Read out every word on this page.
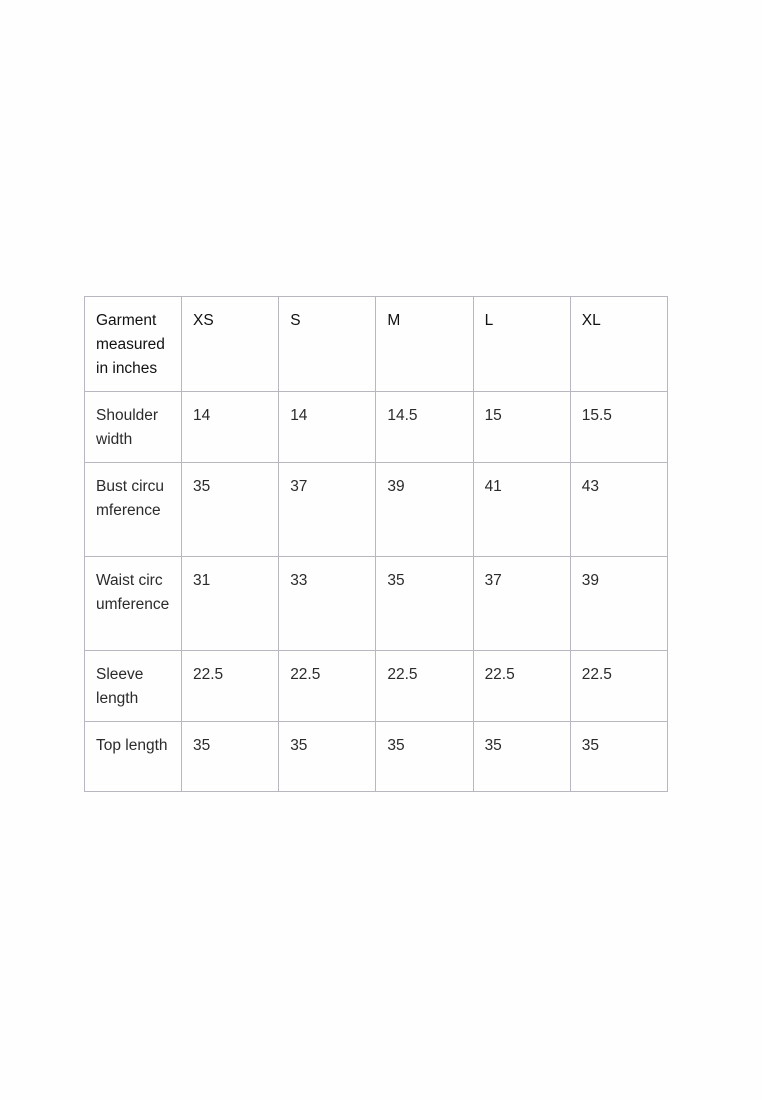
Garment measured in inches	XS	S	M	L	XL
Shoulder width	14	14	14.5	15	15.5
Bust circumference	35	37	39	41	43
Waist circumference	31	33	35	37	39
Sleeve length	22.5	22.5	22.5	22.5	22.5
Top length	35	35	35	35	35
